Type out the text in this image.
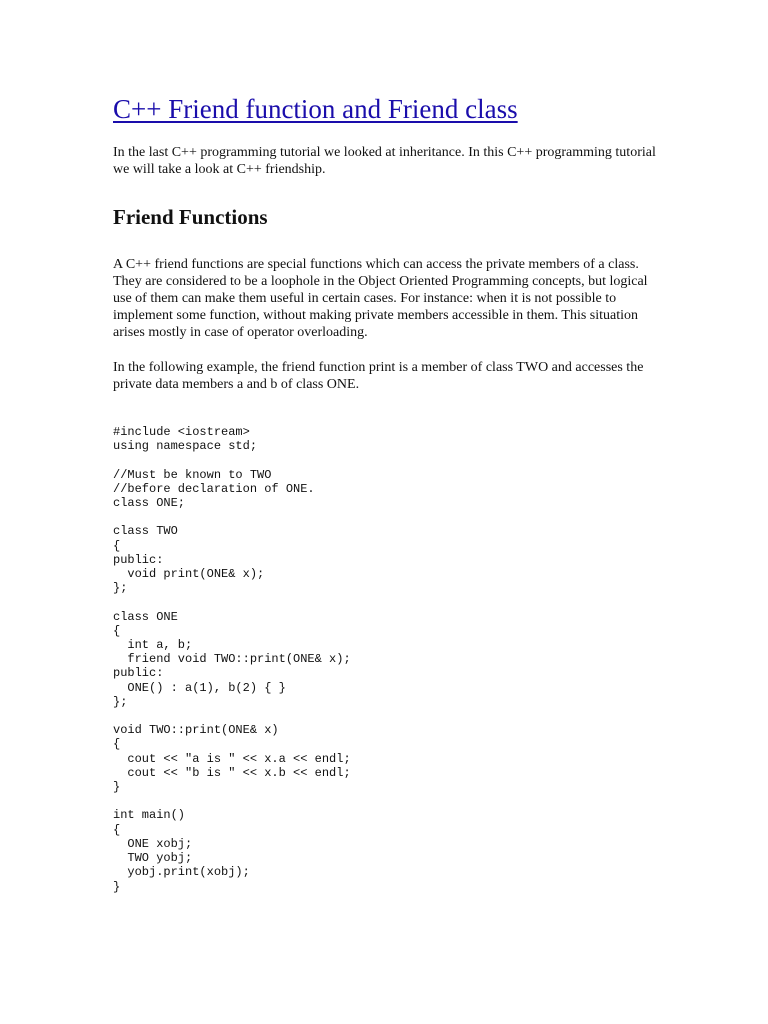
C++ Friend function and Friend class

In the last C++ programming tutorial we looked at inheritance. In this C++ programming tutorial we will take a look at C++ friendship.

Friend Functions

A C++ friend functions are special functions which can access the private members of a class. They are considered to be a loophole in the Object Oriented Programming concepts, but logical use of them can make them useful in certain cases. For instance: when it is not possible to implement some function, without making private members accessible in them. This situation arises mostly in case of operator overloading.

In the following example, the friend function print is a member of class TWO and accesses the private data members a and b of class ONE.

#include <iostream>
using namespace std;

//Must be known to TWO
//before declaration of ONE.
class ONE;

class TWO
{
public:
void print(ONE& x);
};

class ONE
{
int a, b;
friend void TWO::print(ONE& x);
public:
ONE() : a(1), b(2) { }
};

void TWO::print(ONE& x)
{
cout << "a is " << x.a << endl;
cout << "b is " << x.b << endl;
}

int main()
{
ONE xobj;
TWO yobj;
yobj.print(xobj);
}
